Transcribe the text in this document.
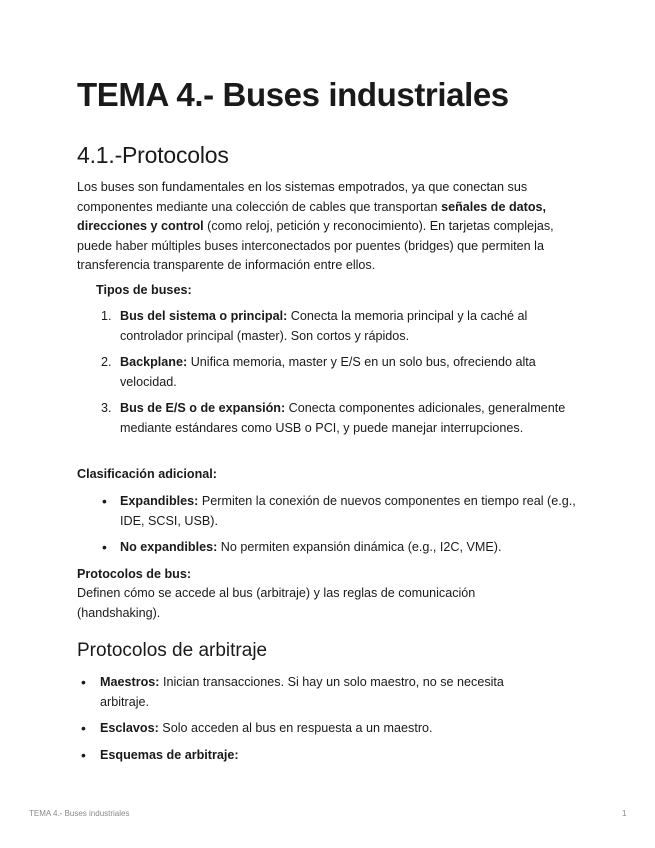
TEMA 4.- Buses industriales
4.1.-Protocolos

Los buses son fundamentales en los sistemas empotrados, ya que conectan sus componentes mediante una colección de cables que transportan señales de datos, direcciones y control (como reloj, petición y reconocimiento). En tarjetas complejas, puede haber múltiples buses interconectados por puentes (bridges) que permiten la transferencia transparente de información entre ellos.

Tipos de buses:

1. Bus del sistema o principal: Conecta la memoria principal y la caché al controlador principal (master). Son cortos y rápidos.
2. Backplane: Unifica memoria, master y E/S en un solo bus, ofreciendo alta velocidad.
3. Bus de E/S o de expansión: Conecta componentes adicionales, generalmente mediante estándares como USB o PCI, y puede manejar interrupciones.

Clasificación adicional:

• Expandibles: Permiten la conexión de nuevos componentes en tiempo real (e.g., IDE, SCSI, USB).
• No expandibles: No permiten expansión dinámica (e.g., I2C, VME).

Protocolos de bus:

Definen cómo se accede al bus (arbitraje) y las reglas de comunicación (handshaking).

Protocolos de arbitraje
• Maestros: Inician transacciones. Si hay un solo maestro, no se necesita arbitraje.
• Esclavos: Solo acceden al bus en respuesta a un maestro.
• Esquemas de arbitraje:
TEMA 4.- Buses industriales	1
